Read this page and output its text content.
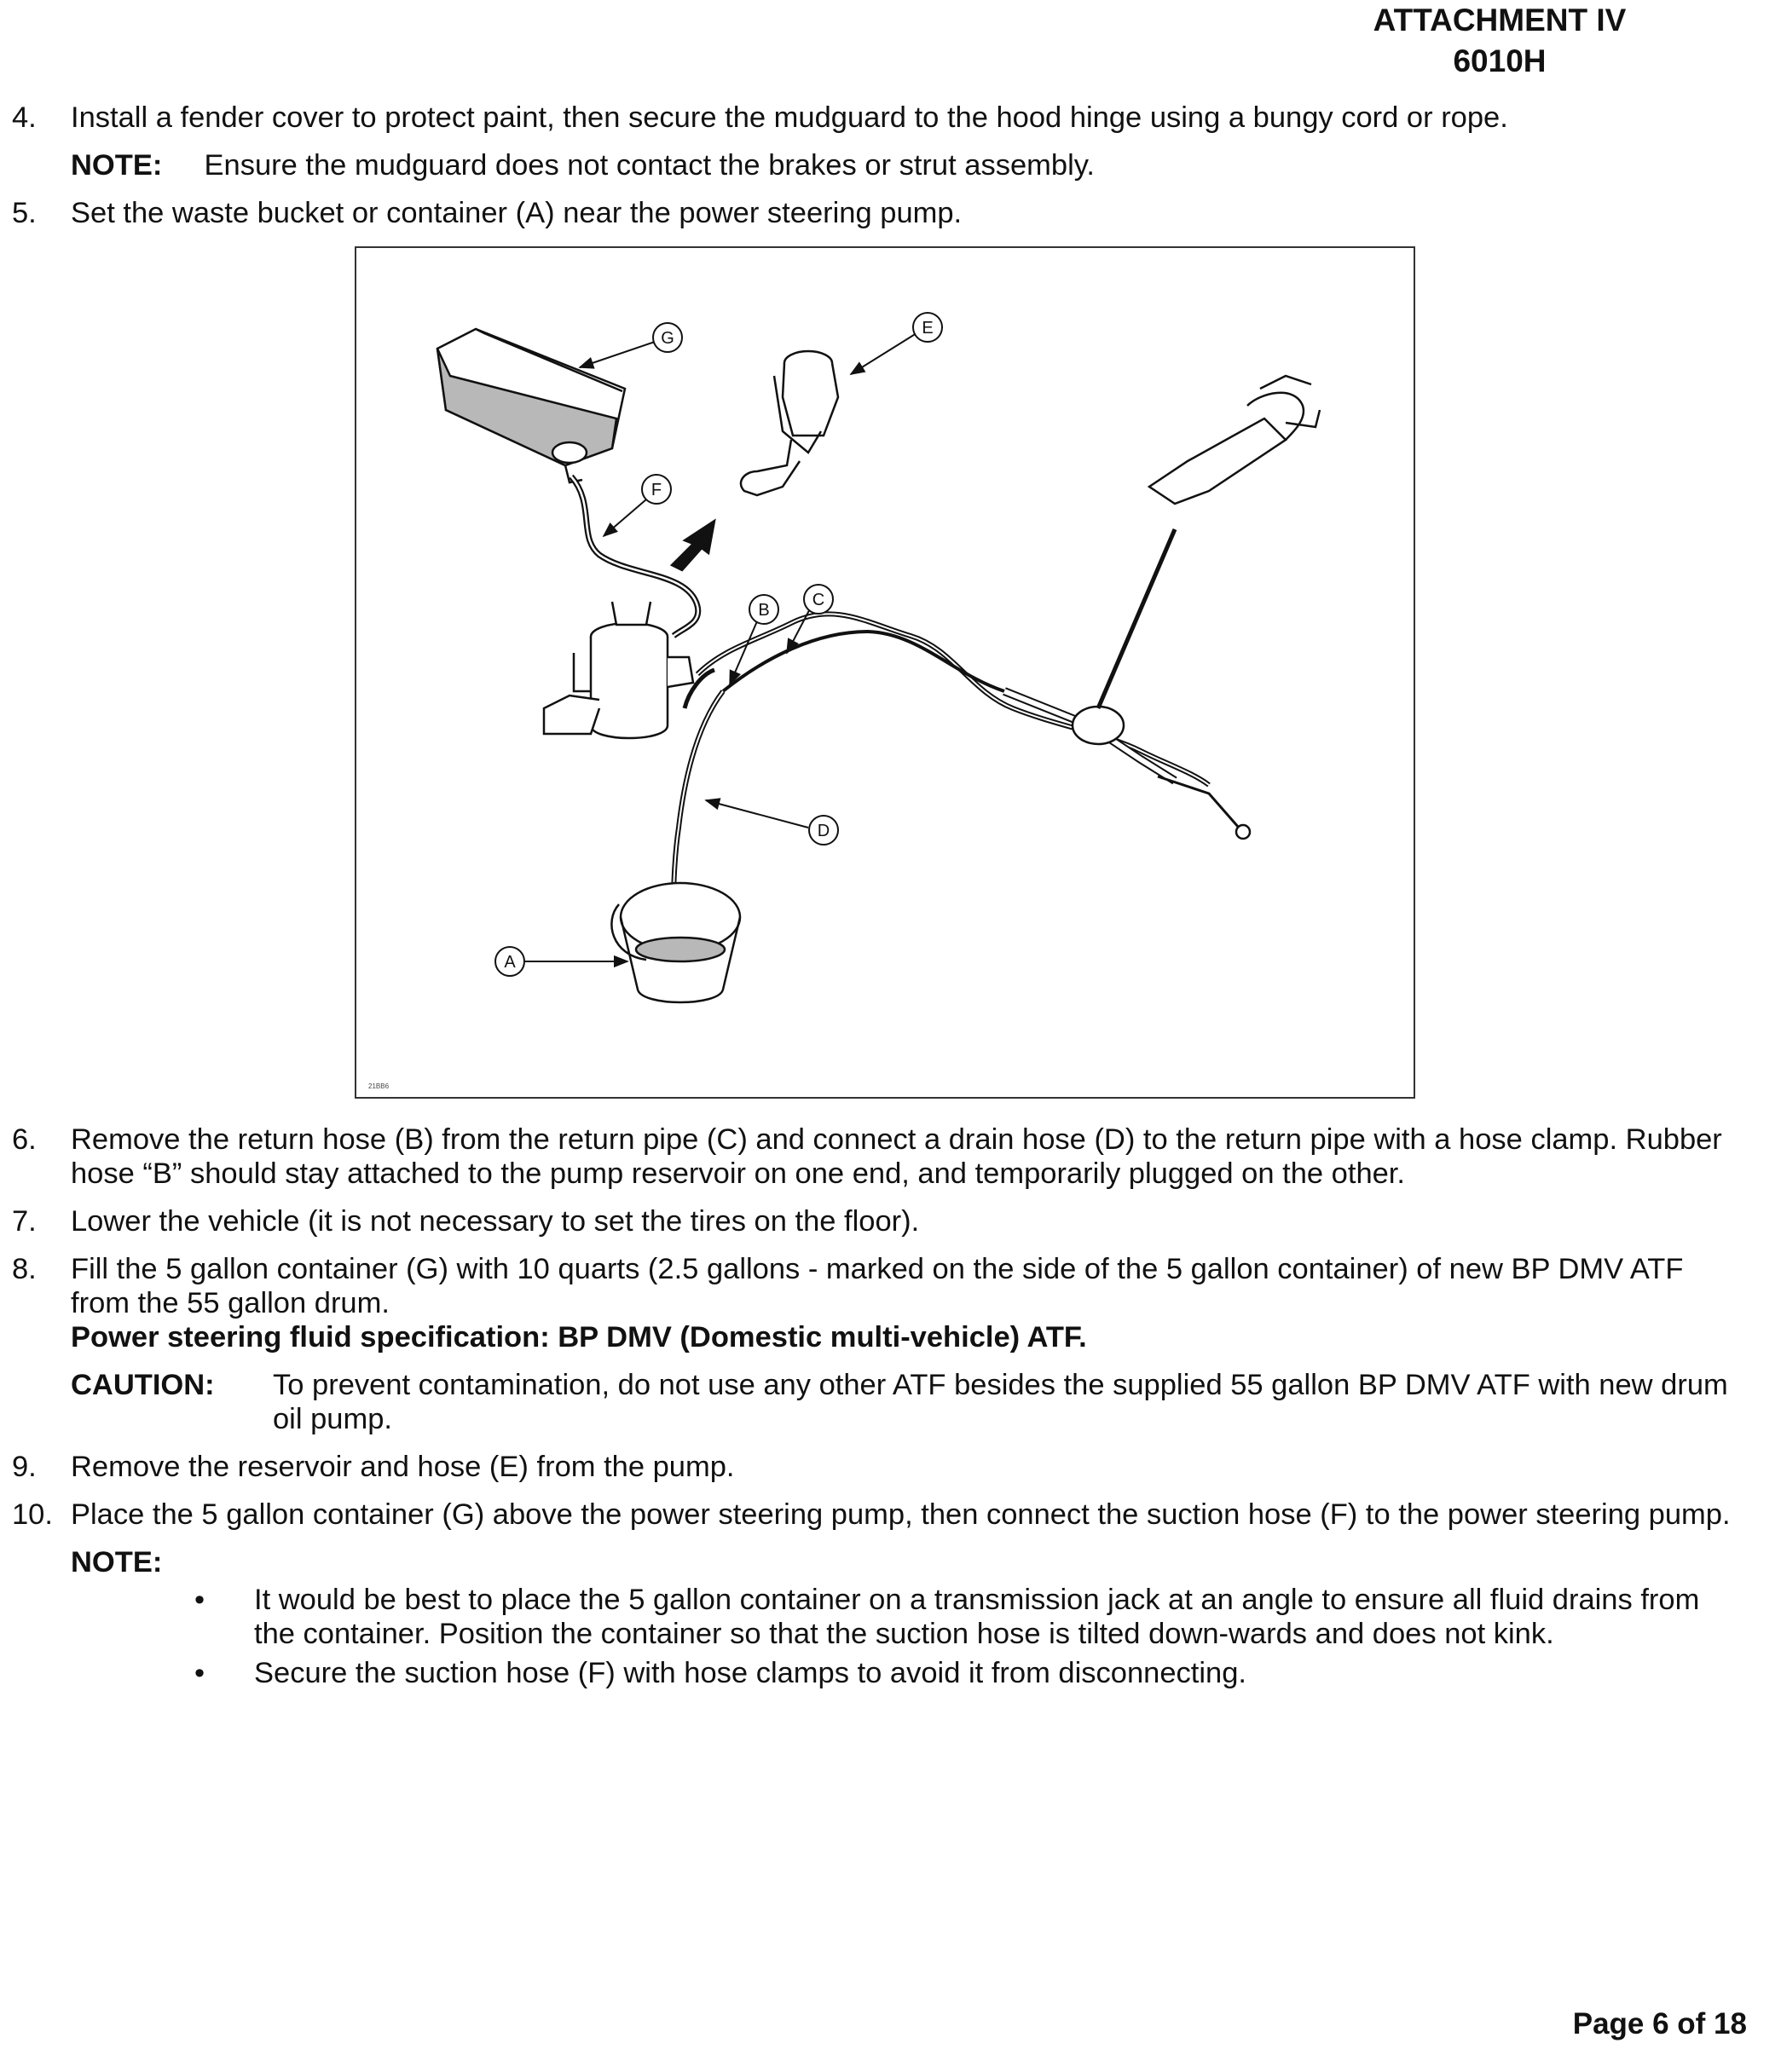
ATTACHMENT IV
6010H
4. Install a fender cover to protect paint, then secure the mudguard to the hood hinge using a bungy cord or rope.
NOTE: Ensure the mudguard does not contact the brakes or strut assembly.
5. Set the waste bucket or container (A) near the power steering pump.
G
E
F
B
C
D
A
21BB6
6. Remove the return hose (B) from the return pipe (C) and connect a drain hose (D) to the return pipe with a hose clamp. Rubber hose “B” should stay attached to the pump reservoir on one end, and temporarily plugged on the other.
7. Lower the vehicle (it is not necessary to set the tires on the floor).
8. Fill the 5 gallon container (G) with 10 quarts (2.5 gallons - marked on the side of the 5 gallon container) of new BP DMV ATF from the 55 gallon drum.
Power steering fluid specification: BP DMV (Domestic multi-vehicle) ATF.
CAUTION:	To prevent contamination, do not use any other ATF besides the supplied 55 gallon BP DMV ATF with new drum oil pump.
9. Remove the reservoir and hose (E) from the pump.
10. Place the 5 gallon container (G) above the power steering pump, then connect the suction hose (F) to the power steering pump.
NOTE:
• It would be best to place the 5 gallon container on a transmission jack at an angle to ensure all fluid drains from the container. Position the container so that the suction hose is tilted down-wards and does not kink.
• Secure the suction hose (F) with hose clamps to avoid it from disconnecting.
Page 6 of 18
